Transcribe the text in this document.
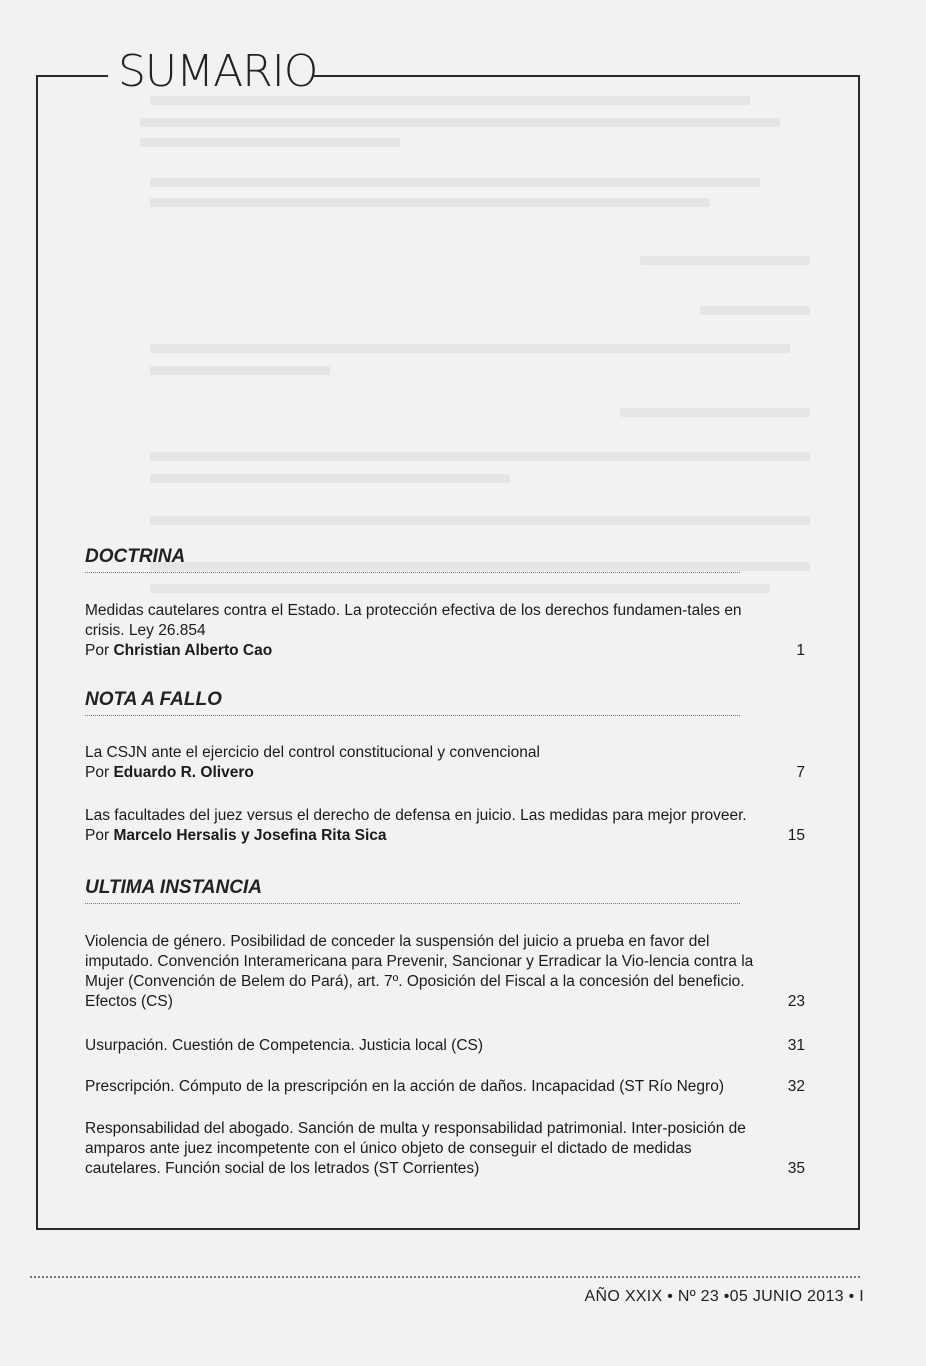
SUMARIO
DOCTRINA
Medidas cautelares contra el Estado. La protección efectiva de los derechos fundamen-tales en crisis. Ley 26.854
Por Christian Alberto Cao	1
NOTA A FALLO
La CSJN ante el ejercicio del control constitucional y convencional
Por Eduardo R. Olivero	7
Las facultades del juez versus el derecho de defensa en juicio. Las medidas para mejor proveer.
Por Marcelo Hersalis y Josefina Rita Sica	15
ULTIMA INSTANCIA
Violencia de género. Posibilidad de conceder la suspensión del juicio a prueba en favor del imputado. Convención Interamericana para Prevenir, Sancionar y Erradicar la Vio-lencia contra la Mujer (Convención de Belem do Pará), art. 7º. Oposición del Fiscal a la concesión del beneficio. Efectos (CS)	23
Usurpación. Cuestión de Competencia. Justicia local (CS)	31
Prescripción. Cómputo de la prescripción en la acción de daños. Incapacidad (ST Río Negro)	32
Responsabilidad del abogado. Sanción de multa y responsabilidad patrimonial. Inter-posición de amparos ante juez incompetente con el único objeto de conseguir el dictado de medidas cautelares. Función social de los letrados (ST Corrientes)	35
AÑO XXIX • Nº 23 •05 JUNIO 2013 • I
